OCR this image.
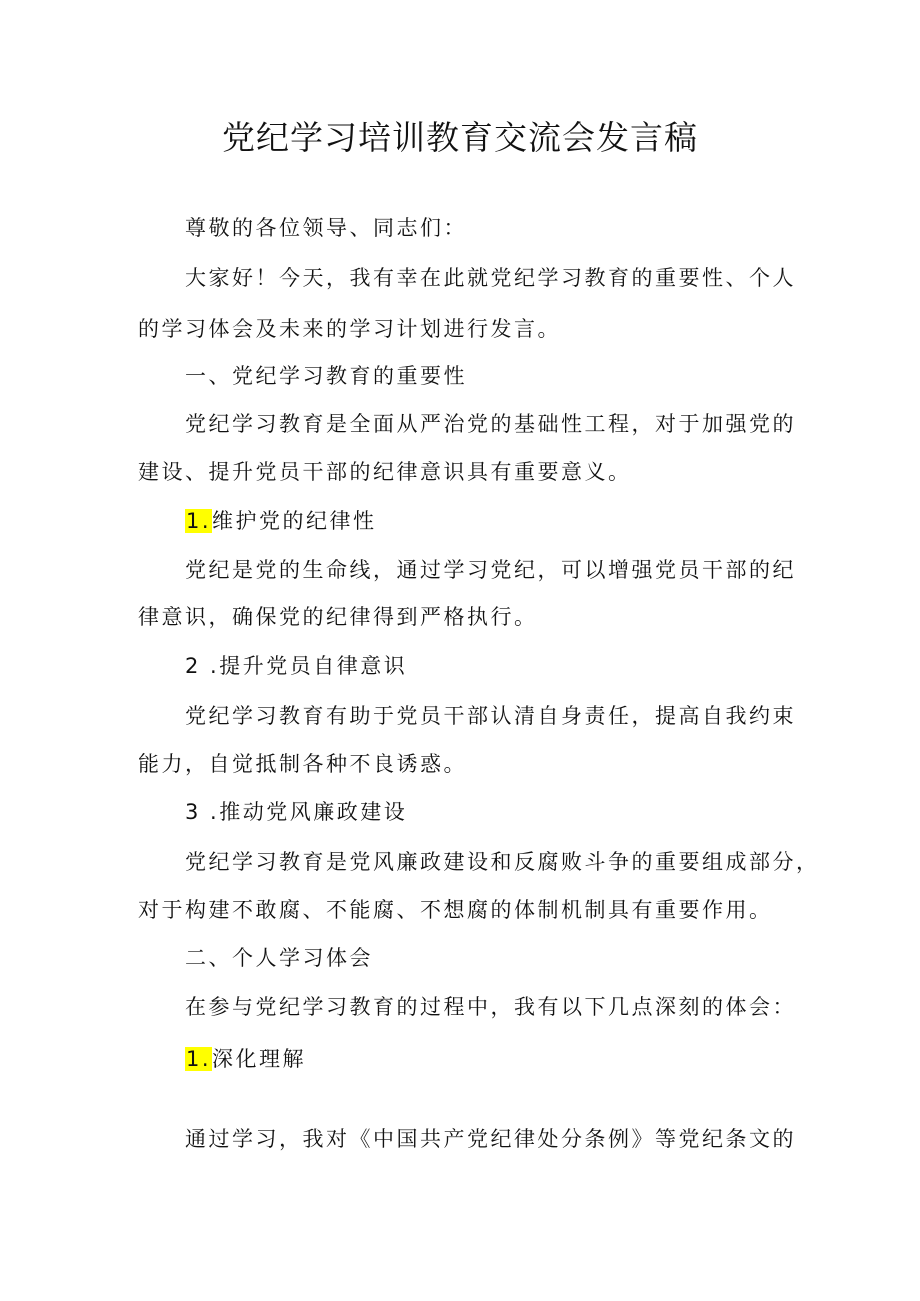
党纪学习培训教育交流会发言稿

尊敬的各位领导、同志们：

大家好！今天，我有幸在此就党纪学习教育的重要性、个人

的学习体会及未来的学习计划进行发言。

一、党纪学习教育的重要性

党纪学习教育是全面从严治党的基础性工程，对于加强党的

建设、提升党员干部的纪律意识具有重要意义。

1.维护党的纪律性

党纪是党的生命线，通过学习党纪，可以增强党员干部的纪

律意识，确保党的纪律得到严格执行。

2 .提升党员自律意识

党纪学习教育有助于党员干部认清自身责任，提高自我约束

能力，自觉抵制各种不良诱惑。

3 .推动党风廉政建设

党纪学习教育是党风廉政建设和反腐败斗争的重要组成部分，

对于构建不敢腐、不能腐、不想腐的体制机制具有重要作用。

二、个人学习体会

在参与党纪学习教育的过程中，我有以下几点深刻的体会：

1.深化理解

通过学习，我对《中国共产党纪律处分条例》等党纪条文的
